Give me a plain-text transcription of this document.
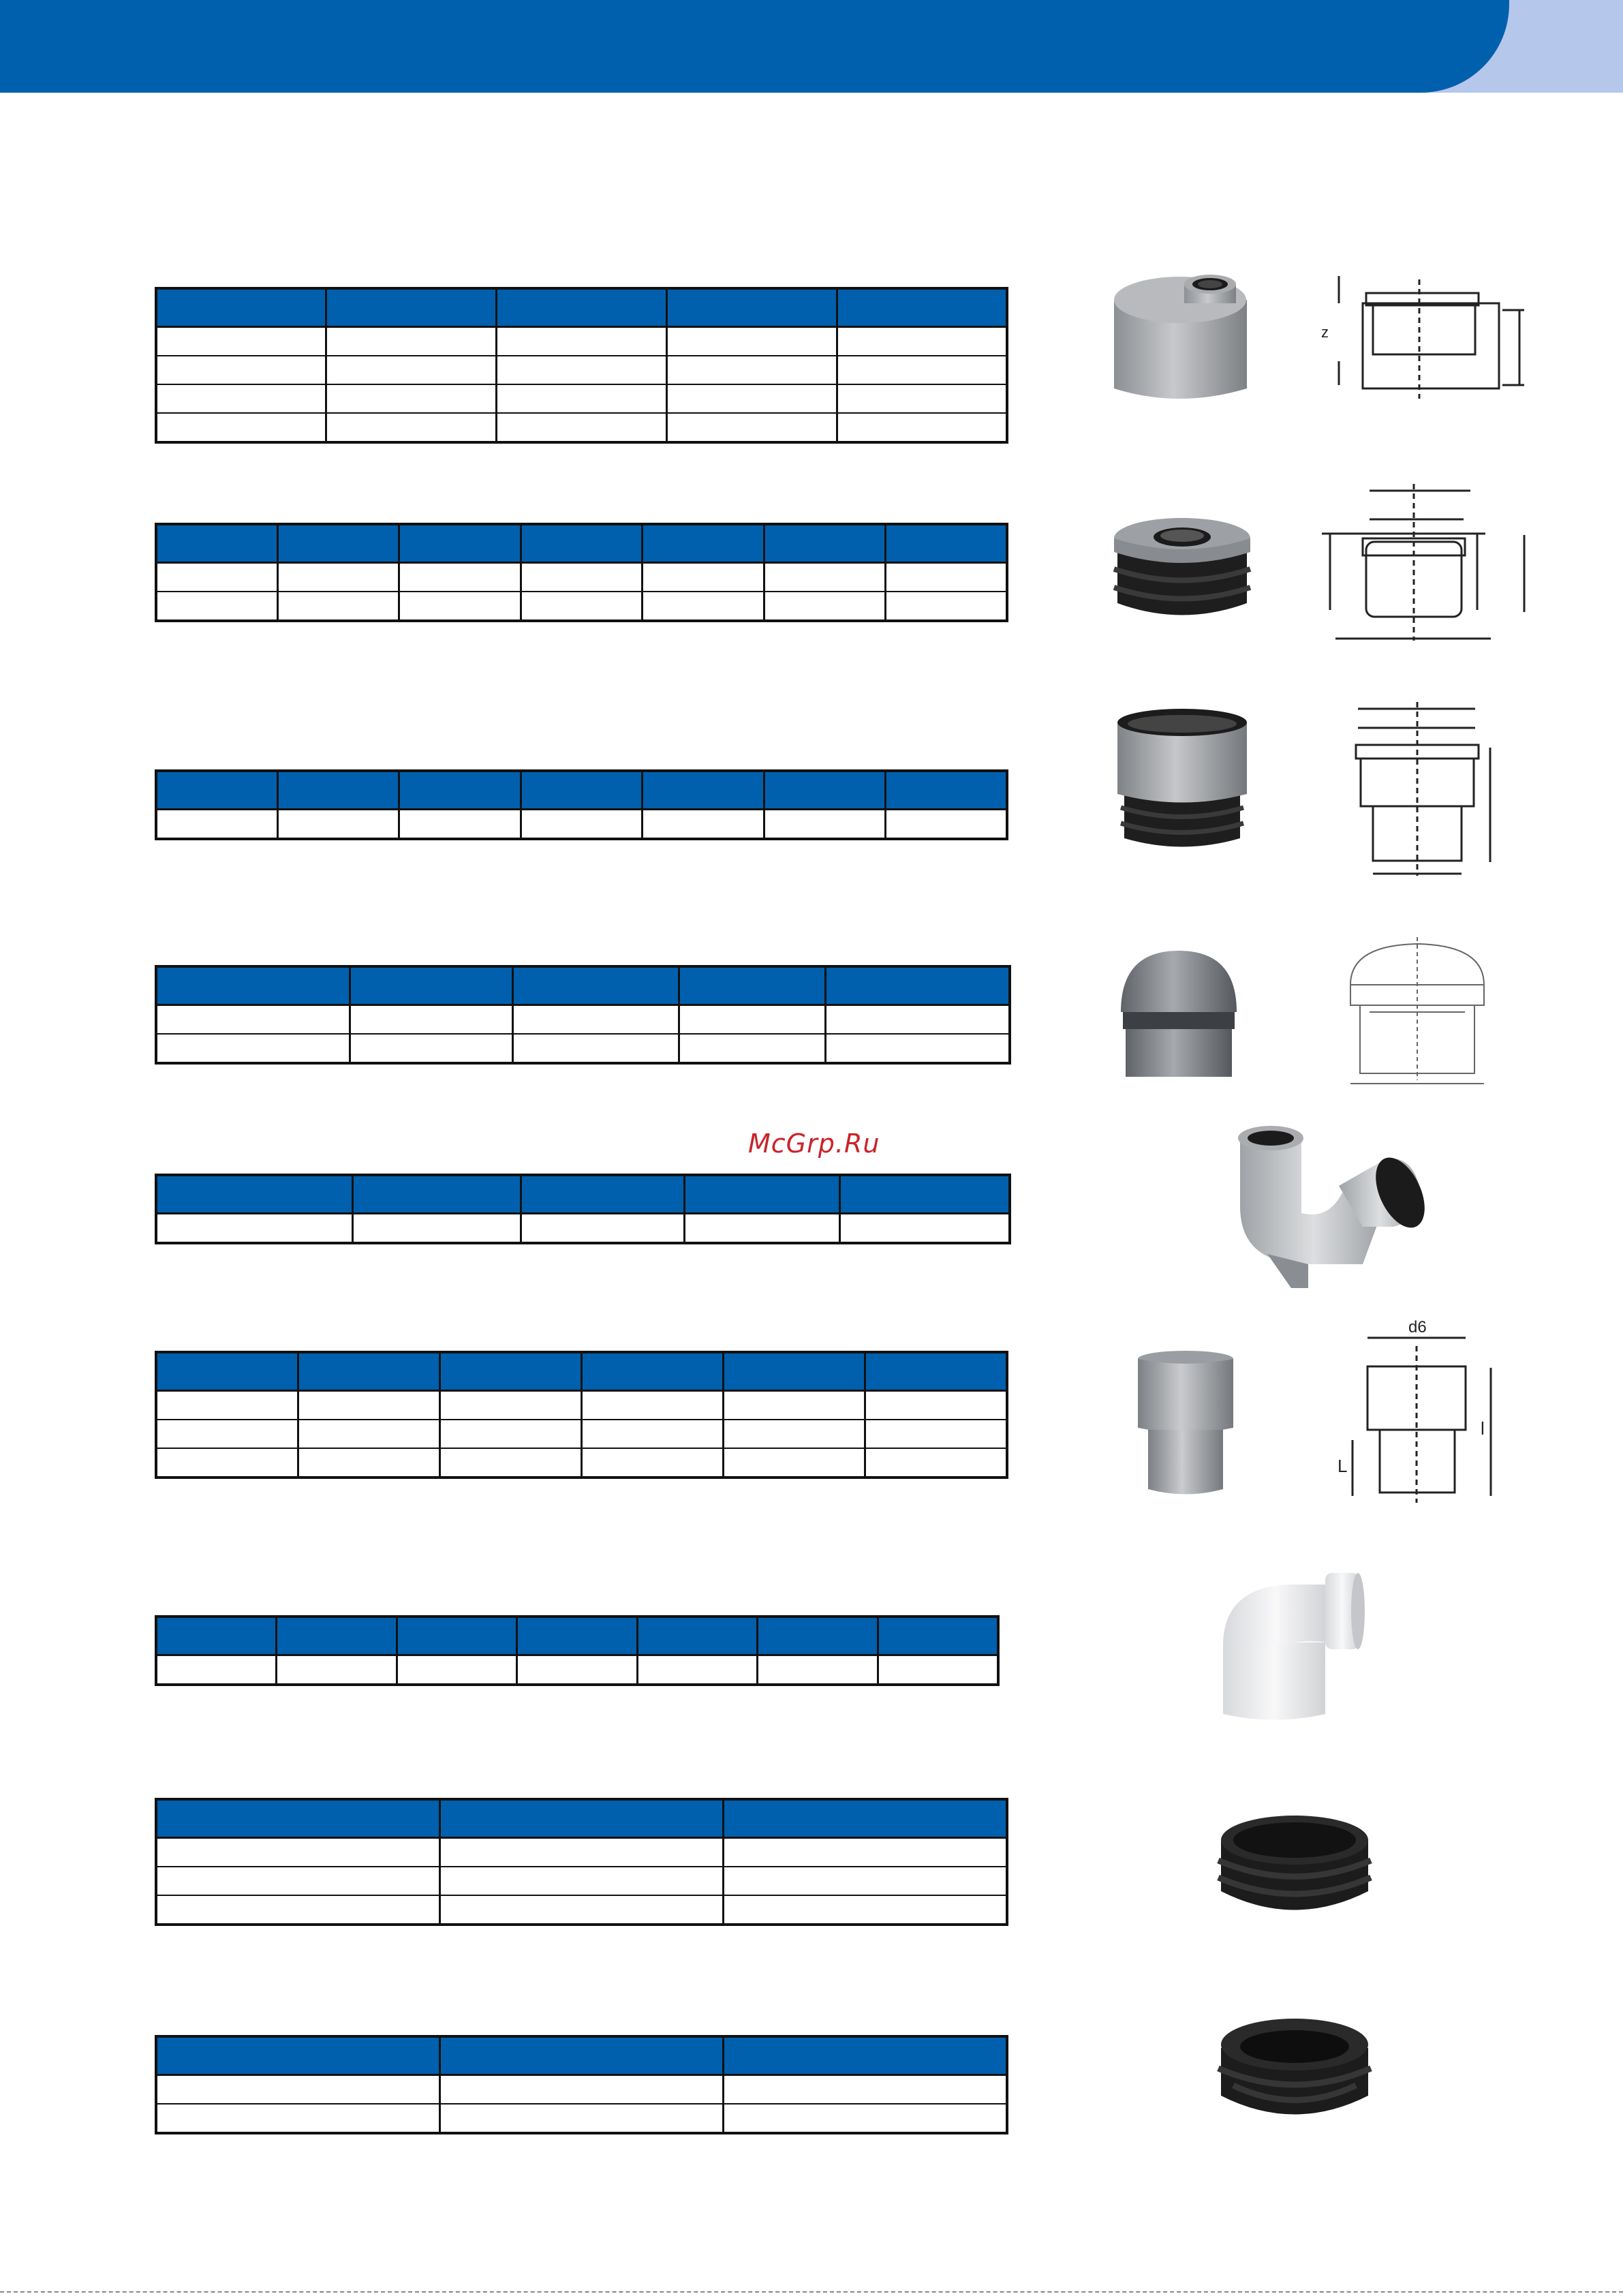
McGrp.Ru

z
d6
L
l
